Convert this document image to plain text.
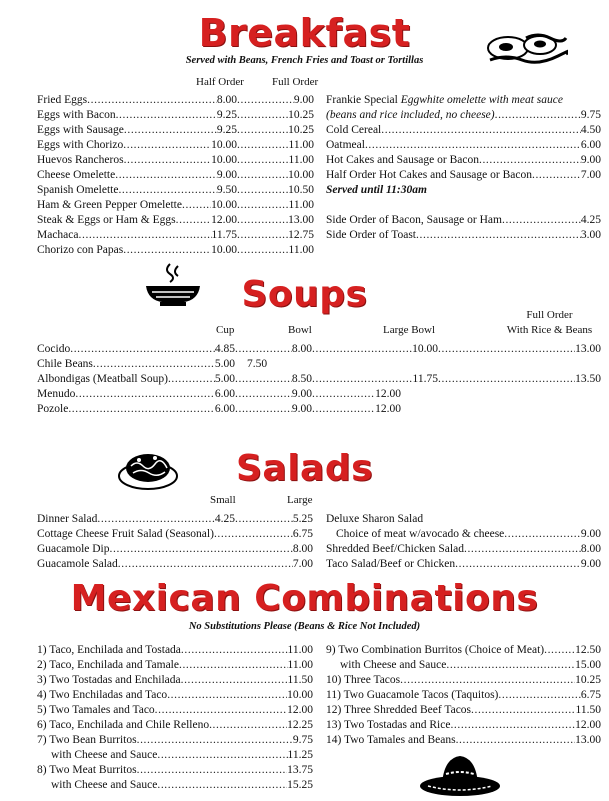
Breakfast
Served with Beans, French Fries and Toast or Tortillas
Half Order	Full Order
Fried Eggs .....	8.00 .....	9.00
Eggs with Bacon .....	9.25 .....	10.25
Eggs with Sausage .....	9.25 .....	10.25
Eggs with Chorizo .....	10.00 .....	11.00
Huevos Rancheros .....	10.00 .....	11.00
Cheese Omelette .....	9.00 .....	10.00
Spanish Omelette .....	9.50 .....	10.50
Ham & Green Pepper Omelette .....	10.00 .....	11.00
Steak & Eggs or Ham & Eggs .....	12.00 .....	13.00
Machaca .....	11.75 .....	12.75
Chorizo con Papas .....	10.00 .....	11.00
Frankie Special Eggwhite omelette with meat sauce
(beans and rice included, no cheese) .....	9.75
Cold Cereal .....	4.50
Oatmeal .....	6.00
Hot Cakes and Sausage or Bacon .....	9.00
Half Order Hot Cakes and Sausage or Bacon .....	7.00
Served until 11:30am
Side Order of Bacon, Sausage or Ham .....	4.25
Side Order of Toast .....	3.00
Soups
Cup	Bowl	Large Bowl
Full Order
With Rice & Beans
Cocido .....	4.85 .....	8.00 .....	10.00 .....	13.00
Chile Beans .....	5.00 7.50
Albondigas (Meatball Soup) .....	5.00 .....	8.50 .....	11.75 .....	13.50
Menudo .....	6.00 .....	9.00 .....	12.00
Pozole .....	6.00 .....	9.00 .....	12.00
Salads
Small	Large
Dinner Salad .....	4.25 .....	5.25
Cottage Cheese Fruit Salad (Seasonal) .....	6.75
Guacamole Dip .....	8.00
Guacamole Salad .....	7.00
Deluxe Sharon Salad
Choice of meat w/avocado & cheese .....	9.00
Shredded Beef/Chicken Salad .....	8.00
Taco Salad/Beef or Chicken .....	9.00
Mexican Combinations
No Substitutions Please (Beans & Rice Not Included)
1) Taco, Enchilada and Tostada .....	11.00
2) Taco, Enchilada and Tamale .....	11.00
3) Two Tostadas and Enchilada .....	11.50
4) Two Enchiladas and Taco .....	10.00
5) Two Tamales and Taco .....	12.00
6) Taco, Enchilada and Chile Relleno .....	12.25
7) Two Bean Burritos .....	9.75
with Cheese and Sauce .....	11.25
8) Two Meat Burritos .....	13.75
with Cheese and Sauce .....	15.25
9) Two Combination Burritos (Choice of Meat) .....	12.50
with Cheese and Sauce .....	15.00
10) Three Tacos .....	10.25
11) Two Guacamole Tacos (Taquitos) .....	6.75
12) Three Shredded Beef Tacos .....	11.50
13) Two Tostadas and Rice .....	12.00
14) Two Tamales and Beans .....	13.00
